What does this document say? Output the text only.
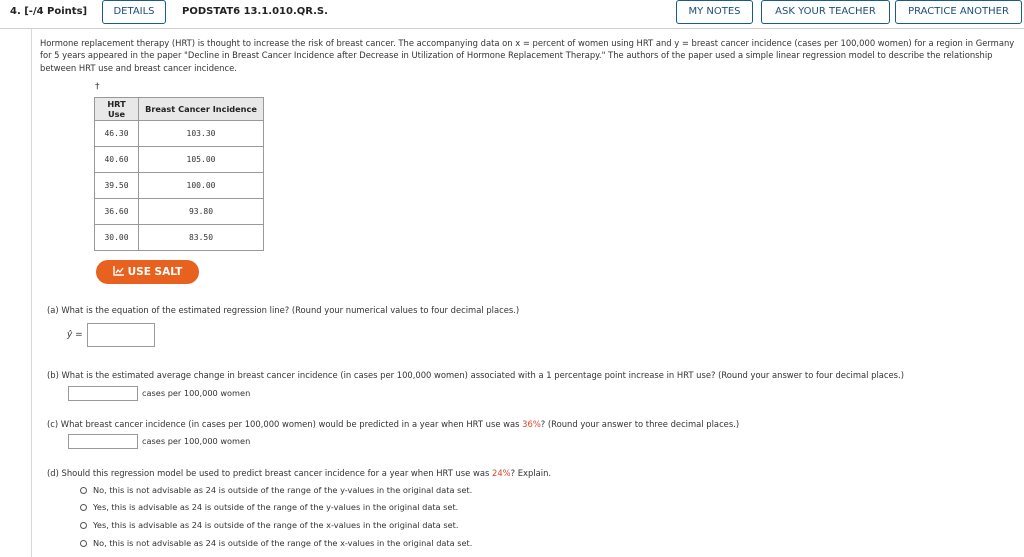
4. [-/4 Points]	DETAILS	PODSTAT6 13.1.010.QR.S.	MY NOTES	ASK YOUR TEACHER	PRACTICE ANOTHER
Hormone replacement therapy (HRT) is thought to increase the risk of breast cancer. The accompanying data on x = percent of women using HRT and y = breast cancer incidence (cases per 100,000 women) for a region in Germany for 5 years appeared in the paper "Decline in Breast Cancer Incidence after Decrease in Utilization of Hormone Replacement Therapy." The authors of the paper used a simple linear regression model to describe the relationship between HRT use and breast cancer incidence.
†
HRT Use	Breast Cancer Incidence
46.30	103.30
40.60	105.00
39.50	100.00
36.60	93.80
30.00	83.50
USE SALT
(a) What is the equation of the estimated regression line? (Round your numerical values to four decimal places.)
ŷ =
(b) What is the estimated average change in breast cancer incidence (in cases per 100,000 women) associated with a 1 percentage point increase in HRT use? (Round your answer to four decimal places.)
cases per 100,000 women
(c) What breast cancer incidence (in cases per 100,000 women) would be predicted in a year when HRT use was 36%? (Round your answer to three decimal places.)
cases per 100,000 women
(d) Should this regression model be used to predict breast cancer incidence for a year when HRT use was 24%? Explain.
No, this is not advisable as 24 is outside of the range of the y-values in the original data set.
Yes, this is advisable as 24 is outside of the range of the y-values in the original data set.
Yes, this is advisable as 24 is outside of the range of the x-values in the original data set.
No, this is not advisable as 24 is outside of the range of the x-values in the original data set.
